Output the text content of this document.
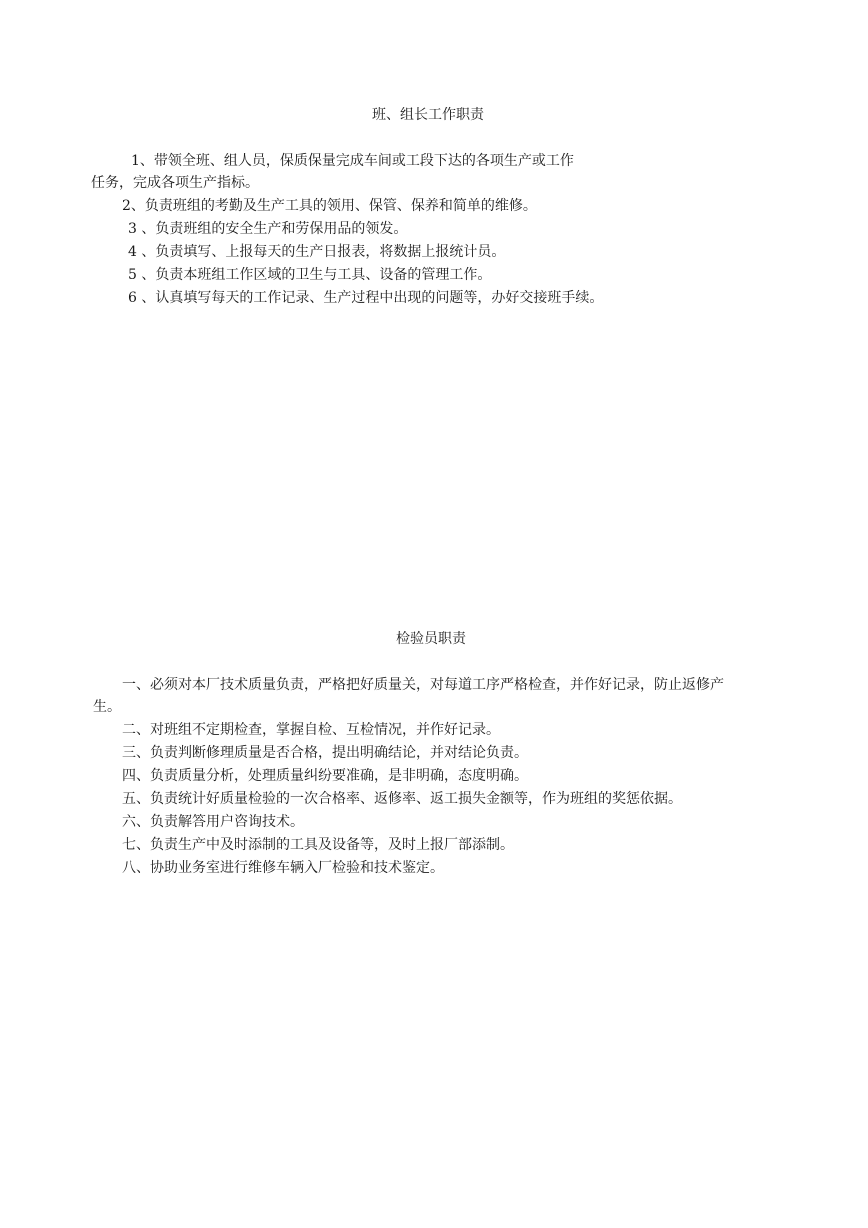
班、组长工作职责
1、带领全班、组人员，保质保量完成车间或工段下达的各项生产或工作
任务，完成各项生产指标。
2、负责班组的考勤及生产工具的领用、保管、保养和简单的维修。
3 、负责班组的安全生产和劳保用品的领发。
4 、负责填写、上报每天的生产日报表，将数据上报统计员。
5 、负责本班组工作区域的卫生与工具、设备的管理工作。
6 、认真填写每天的工作记录、生产过程中出现的问题等，办好交接班手续。
检验员职责
一、必须对本厂技术质量负责，严格把好质量关，对每道工序严格检查，并作好记录，防止返修产
生。
二、对班组不定期检查，掌握自检、互检情况，并作好记录。
三、负责判断修理质量是否合格，提出明确结论，并对结论负责。
四、负责质量分析，处理质量纠纷要准确，是非明确，态度明确。
五、负责统计好质量检验的一次合格率、返修率、返工损失金额等，作为班组的奖惩依据。
六、负责解答用户咨询技术。
七、负责生产中及时添制的工具及设备等，及时上报厂部添制。
八、协助业务室进行维修车辆入厂检验和技术鉴定。
